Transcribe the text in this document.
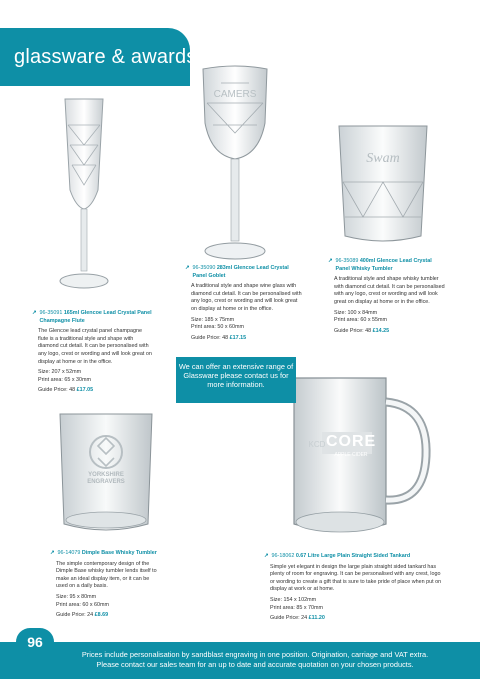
glassware & awards
CAMERS
Swam
YORKSHIRE ENGRAVERS
CORE
APPLE CIDER
KCD
↗ 96-35091 165ml Glencoe Lead Crystal Panel Champagne Flute

The Glencoe lead crystal panel champagne flute is a traditional style and shape with diamond cut detail. It can be personalised with any logo, crest or wording and will look great on display at home or in the office.

Size: 207 x 52mm
Print area: 65 x 30mm
Guide Price: 48 £17.05
↗ 96-35090 283ml Glencoe Lead Crystal Panel Goblet

A traditional style and shape wine glass with diamond cut detail. It can be personalised with any logo, crest or wording and will look great on display at home or in the office.

Size: 185 x 75mm
Print area: 50 x 60mm
Guide Price: 48 £17.15
↗ 96-35089 400ml Glencoe Lead Crystal Panel Whisky Tumbler

A traditional style and shape whisky tumbler with diamond cut detail. It can be personalised with any logo, crest or wording and will look great on display at home or in the office.

Size: 100 x 84mm
Print area: 60 x 55mm
Guide Price: 48 £14.25
We can offer an extensive range of Glassware please contact us for more information.
↗ 96-14079 Dimple Base Whisky Tumbler

The simple contemporary design of the Dimple Base whisky tumbler lends itself to make an ideal display item, or it can be used on a daily basis.

Size: 95 x 80mm
Print area: 60 x 60mm
Guide Price: 24 £8.69
↗ 96-18062 0.67 Litre Large Plain Straight Sided Tankard

Simple yet elegant in design the large plain straight sided tankard has plenty of room for engraving. It can be personalised with any crest, logo or wording to create a gift that is sure to take pride of place when put on display at work or at home.

Size: 154 x 102mm
Print area: 85 x 70mm
Guide Price: 24 £11.20
96
Prices include personalisation by sandblast engraving in one position. Origination, carriage and VAT extra.
Please contact our sales team for an up to date and accurate quotation on your chosen products.
